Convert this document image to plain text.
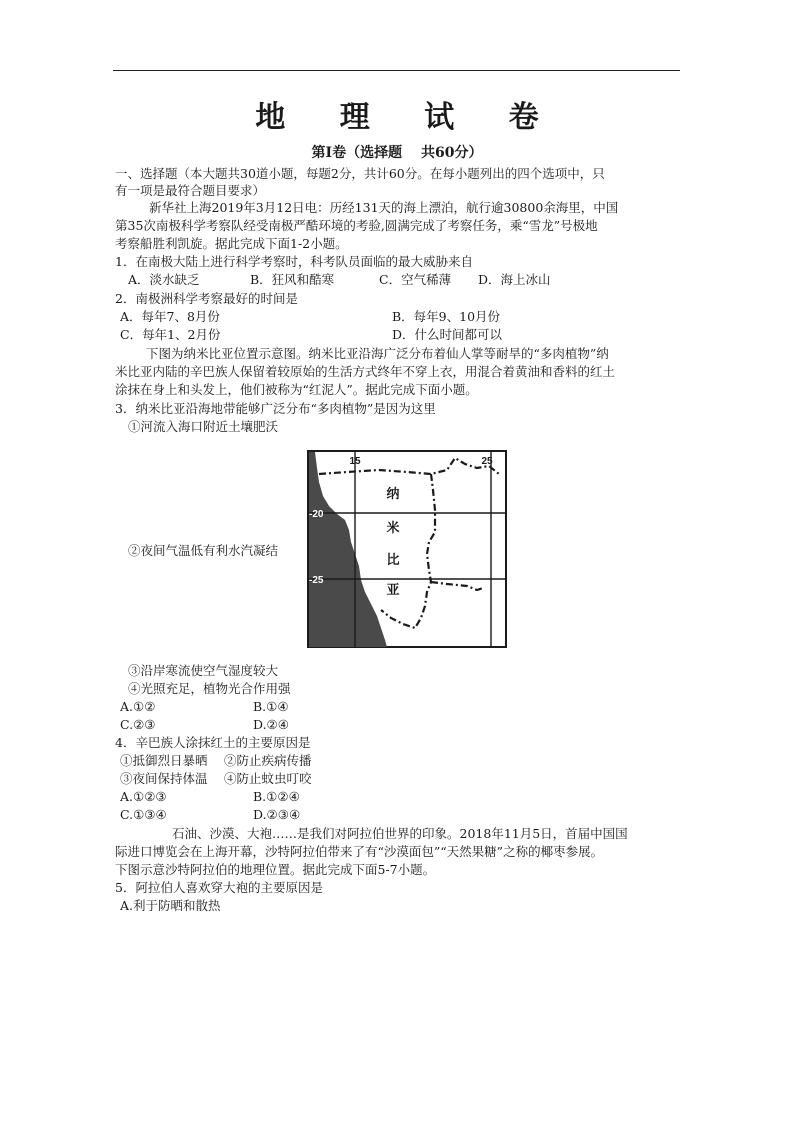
地 理 试 卷
第Ⅰ卷（选择题　 共60分）
一、选择题（本大题共30道小题，每题2分，共计60分。在每小题列出的四个选项中，只
有一项是最符合题目要求）
新华社上海2019年3月12日电：历经131天的海上漂泊，航行逾30800余海里，中国
第35次南极科学考察队经受南极严酷环境的考验,圆满完成了考察任务，乘“雪龙”号极地
考察船胜利凯旋。据此完成下面1-2小题。
1．在南极大陆上进行科学考察时，科考队员面临的最大威胁来自
A．淡水缺乏	B．狂风和酷寒	C．空气稀薄 D．海上冰山
2．南极洲科学考察最好的时间是
A．每年7、8月份	B．每年9、10月份
C．每年1、2月份	D．什么时间都可以
下图为纳米比亚位置示意图。纳米比亚沿海广泛分布着仙人掌等耐旱的“多肉植物”纳
米比亚内陆的辛巴族人保留着较原始的生活方式终年不穿上衣，用混合着黄油和香料的红土
涂抹在身上和头发上，他们被称为“红泥人”。据此完成下面小题。
3．纳米比亚沿海地带能够广泛分布“多肉植物”是因为这里
①河流入海口附近土壤肥沃
②夜间气温低有利水汽凝结
15	25
-20
-25
纳
米
比
亚
③沿岸寒流使空气湿度较大
④光照充足，植物光合作用强
A.①②	B.①④
C.②③	D.②④
4．辛巴族人涂抹红土的主要原因是
①抵御烈日暴晒　 ②防止疾病传播
③夜间保持体温　 ④防止蚊虫叮咬
A.①②③	B.①②④
C.①③④	D.②③④
石油、沙漠、大袍……是我们对阿拉伯世界的印象。2018年11月5日，首届中国国
际进口博览会在上海开幕，沙特阿拉伯带来了有“沙漠面包”“天然果糖”之称的椰枣参展。
下图示意沙特阿拉伯的地理位置。据此完成下面5-7小题。
5．阿拉伯人喜欢穿大袍的主要原因是
A.利于防晒和散热
